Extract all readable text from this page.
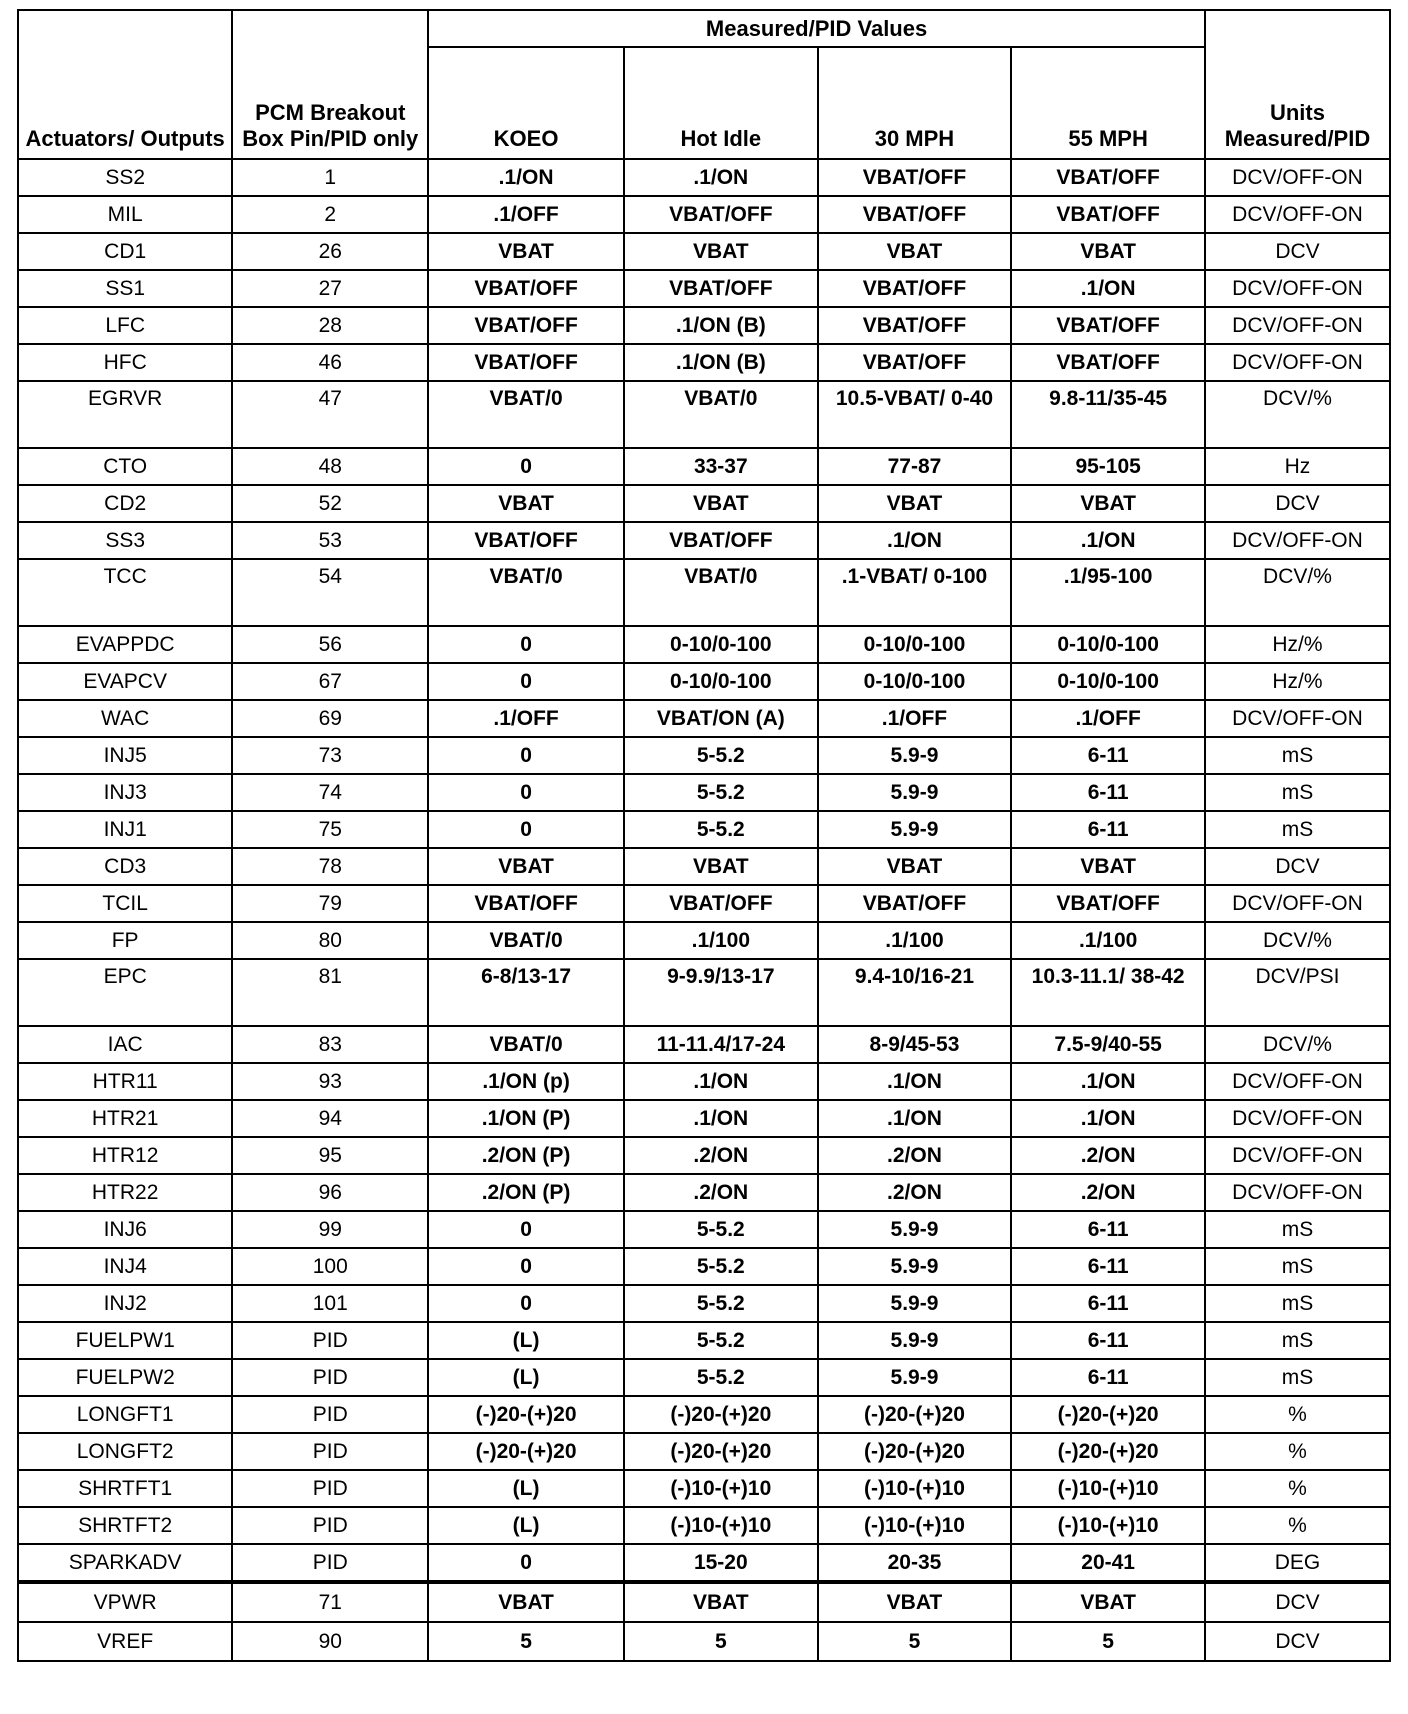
Actuators/ Outputs	PCM Breakout Box Pin/PID only	Measured/PID Values				Units Measured/PID
		KOEO	Hot Idle	30 MPH	55 MPH	
SS2	1	.1/ON	.1/ON	VBAT/OFF	VBAT/OFF	DCV/OFF-ON
MIL	2	.1/OFF	VBAT/OFF	VBAT/OFF	VBAT/OFF	DCV/OFF-ON
CD1	26	VBAT	VBAT	VBAT	VBAT	DCV
SS1	27	VBAT/OFF	VBAT/OFF	VBAT/OFF	.1/ON	DCV/OFF-ON
LFC	28	VBAT/OFF	.1/ON (B)	VBAT/OFF	VBAT/OFF	DCV/OFF-ON
HFC	46	VBAT/OFF	.1/ON (B)	VBAT/OFF	VBAT/OFF	DCV/OFF-ON
EGRVR	47	VBAT/0	VBAT/0	10.5-VBAT/ 0-40	9.8-11/35-45	DCV/%
CTO	48	0	33-37	77-87	95-105	Hz
CD2	52	VBAT	VBAT	VBAT	VBAT	DCV
SS3	53	VBAT/OFF	VBAT/OFF	.1/ON	.1/ON	DCV/OFF-ON
TCC	54	VBAT/0	VBAT/0	.1-VBAT/ 0-100	.1/95-100	DCV/%
EVAPPDC	56	0	0-10/0-100	0-10/0-100	0-10/0-100	Hz/%
EVAPCV	67	0	0-10/0-100	0-10/0-100	0-10/0-100	Hz/%
WAC	69	.1/OFF	VBAT/ON (A)	.1/OFF	.1/OFF	DCV/OFF-ON
INJ5	73	0	5-5.2	5.9-9	6-11	mS
INJ3	74	0	5-5.2	5.9-9	6-11	mS
INJ1	75	0	5-5.2	5.9-9	6-11	mS
CD3	78	VBAT	VBAT	VBAT	VBAT	DCV
TCIL	79	VBAT/OFF	VBAT/OFF	VBAT/OFF	VBAT/OFF	DCV/OFF-ON
FP	80	VBAT/0	.1/100	.1/100	.1/100	DCV/%
EPC	81	6-8/13-17	9-9.9/13-17	9.4-10/16-21	10.3-11.1/ 38-42	DCV/PSI
IAC	83	VBAT/0	11-11.4/17-24	8-9/45-53	7.5-9/40-55	DCV/%
HTR11	93	.1/ON (p)	.1/ON	.1/ON	.1/ON	DCV/OFF-ON
HTR21	94	.1/ON (P)	.1/ON	.1/ON	.1/ON	DCV/OFF-ON
HTR12	95	.2/ON (P)	.2/ON	.2/ON	.2/ON	DCV/OFF-ON
HTR22	96	.2/ON (P)	.2/ON	.2/ON	.2/ON	DCV/OFF-ON
INJ6	99	0	5-5.2	5.9-9	6-11	mS
INJ4	100	0	5-5.2	5.9-9	6-11	mS
INJ2	101	0	5-5.2	5.9-9	6-11	mS
FUELPW1	PID	(L)	5-5.2	5.9-9	6-11	mS
FUELPW2	PID	(L)	5-5.2	5.9-9	6-11	mS
LONGFT1	PID	(-)20-(+)20	(-)20-(+)20	(-)20-(+)20	(-)20-(+)20	%
LONGFT2	PID	(-)20-(+)20	(-)20-(+)20	(-)20-(+)20	(-)20-(+)20	%
SHRTFT1	PID	(L)	(-)10-(+)10	(-)10-(+)10	(-)10-(+)10	%
SHRTFT2	PID	(L)	(-)10-(+)10	(-)10-(+)10	(-)10-(+)10	%
SPARKADV	PID	0	15-20	20-35	20-41	DEG
VPWR	71	VBAT	VBAT	VBAT	VBAT	DCV
VREF	90	5	5	5	5	DCV
